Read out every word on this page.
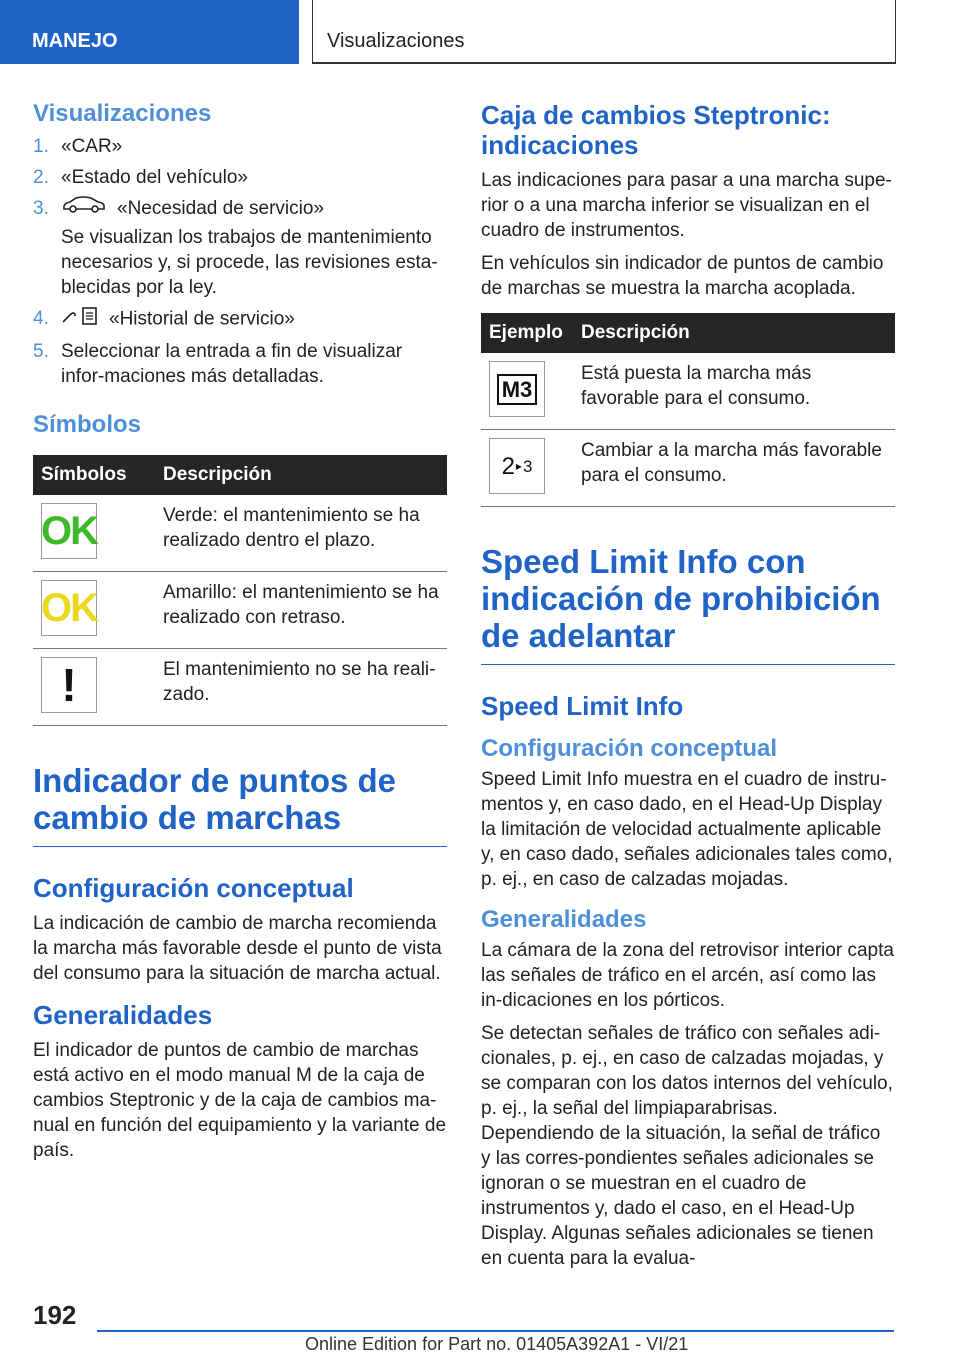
MANEJO	Visualizaciones
Visualizaciones
1. «CAR»
2. «Estado del vehículo»
3.	«Necesidad de servicio»
Se visualizan los trabajos de mantenimiento necesarios y, si procede, las revisiones esta-blecidas por la ley.
4.	«Historial de servicio»
5. Seleccionar la entrada a fin de visualizar infor-maciones más detalladas.
Símbolos
Símbolos	Descripción

OK	Verde: el mantenimiento se ha realizado dentro el plazo.

OK	Amarillo: el mantenimiento se ha realizado con retraso.

!	El mantenimiento no se ha reali-zado.
Indicador de puntos de cambio de marchas
Configuración conceptual

La indicación de cambio de marcha recomienda la marcha más favorable desde el punto de vista del consumo para la situación de marcha actual.

Generalidades

El indicador de puntos de cambio de marchas está activo en el modo manual M de la caja de cambios Steptronic y de la caja de cambios ma-nual en función del equipamiento y la variante de país.

Caja de cambios Steptronic: indicaciones

Las indicaciones para pasar a una marcha supe-rior o a una marcha inferior se visualizan en el cuadro de instrumentos.

En vehículos sin indicador de puntos de cambio de marchas se muestra la marcha acoplada.

Ejemplo	Descripción

M3	Está puesta la marcha más favorable para el consumo.

2 ▸ 3	Cambiar a la marcha más favorable para el consumo.
Speed Limit Info con indicación de prohibición de adelantar
Speed Limit Info
Configuración conceptual

Speed Limit Info muestra en el cuadro de instru-mentos y, en caso dado, en el Head-Up Display la limitación de velocidad actualmente aplicable y, en caso dado, señales adicionales tales como, p. ej., en caso de calzadas mojadas.

Generalidades

La cámara de la zona del retrovisor interior capta las señales de tráfico en el arcén, así como las in-dicaciones en los pórticos.

Se detectan señales de tráfico con señales adi-cionales, p. ej., en caso de calzadas mojadas, y se comparan con los datos internos del vehículo, p. ej., la señal del limpiaparabrisas. Dependiendo de la situación, la señal de tráfico y las corres-pondientes señales adicionales se ignoran o se muestran en el cuadro de instrumentos y, dado el caso, en el Head-Up Display. Algunas señales adicionales se tienen en cuenta para la evalua-

192
Online Edition for Part no. 01405A392A1 - VI/21
